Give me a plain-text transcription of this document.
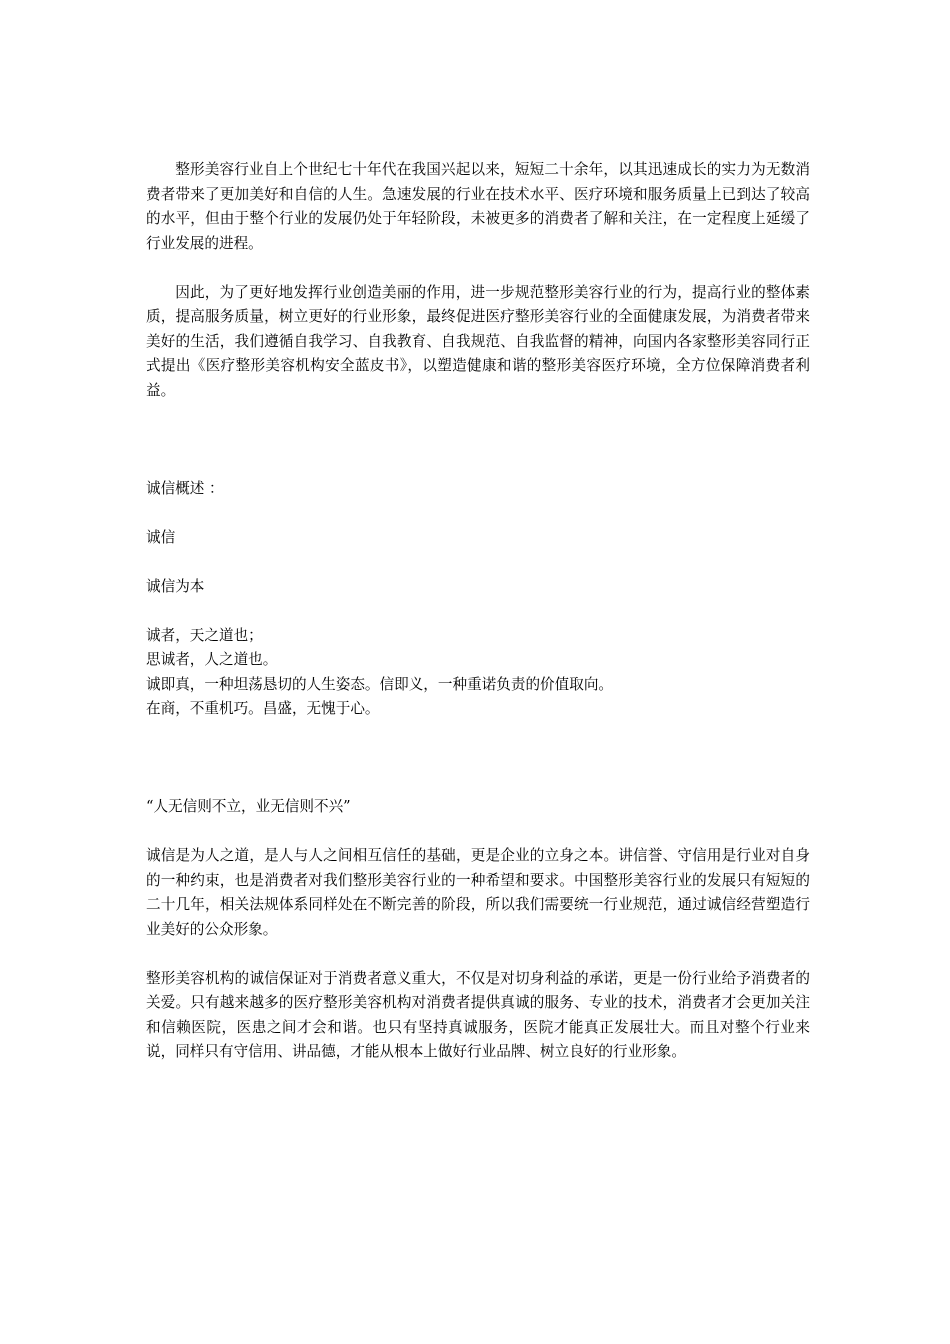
整形美容行业自上个世纪七十年代在我国兴起以来，短短二十余年，以其迅速成长的实力为无数消费者带来了更加美好和自信的人生。急速发展的行业在技术水平、医疗环境和服务质量上已到达了较高的水平，但由于整个行业的发展仍处于年轻阶段，未被更多的消费者了解和关注，在一定程度上延缓了行业发展的进程。

因此，为了更好地发挥行业创造美丽的作用，进一步规范整形美容行业的行为，提高行业的整体素质，提高服务质量，树立更好的行业形象，最终促进医疗整形美容行业的全面健康发展，为消费者带来美好的生活，我们遵循自我学习、自我教育、自我规范、自我监督的精神，向国内各家整形美容同行正式提出《医疗整形美容机构安全蓝皮书》，以塑造健康和谐的整形美容医疗环境，全方位保障消费者利益。

诚信概述 ：

诚信

诚信为本

诚者，天之道也；

思诚者，人之道也。

诚即真，一种坦荡恳切的人生姿态。信即义，一种重诺负责的价值取向。

在商，不重机巧。昌盛，无愧于心。

“人无信则不立，业无信则不兴”

诚信是为人之道，是人与人之间相互信任的基础，更是企业的立身之本。讲信誉、守信用是行业对自身的一种约束，也是消费者对我们整形美容行业的一种希望和要求。中国整形美容行业的发展只有短短的二十几年，相关法规体系同样处在不断完善的阶段，所以我们需要统一行业规范，通过诚信经营塑造行业美好的公众形象。

整形美容机构的诚信保证对于消费者意义重大，不仅是对切身利益的承诺，更是一份行业给予消费者的关爱。只有越来越多的医疗整形美容机构对消费者提供真诚的服务、专业的技术，消费者才会更加关注和信赖医院，医患之间才会和谐。也只有坚持真诚服务，医院才能真正发展壮大。而且对整个行业来说，同样只有守信用、讲品德，才能从根本上做好行业品牌、树立良好的行业形象。
